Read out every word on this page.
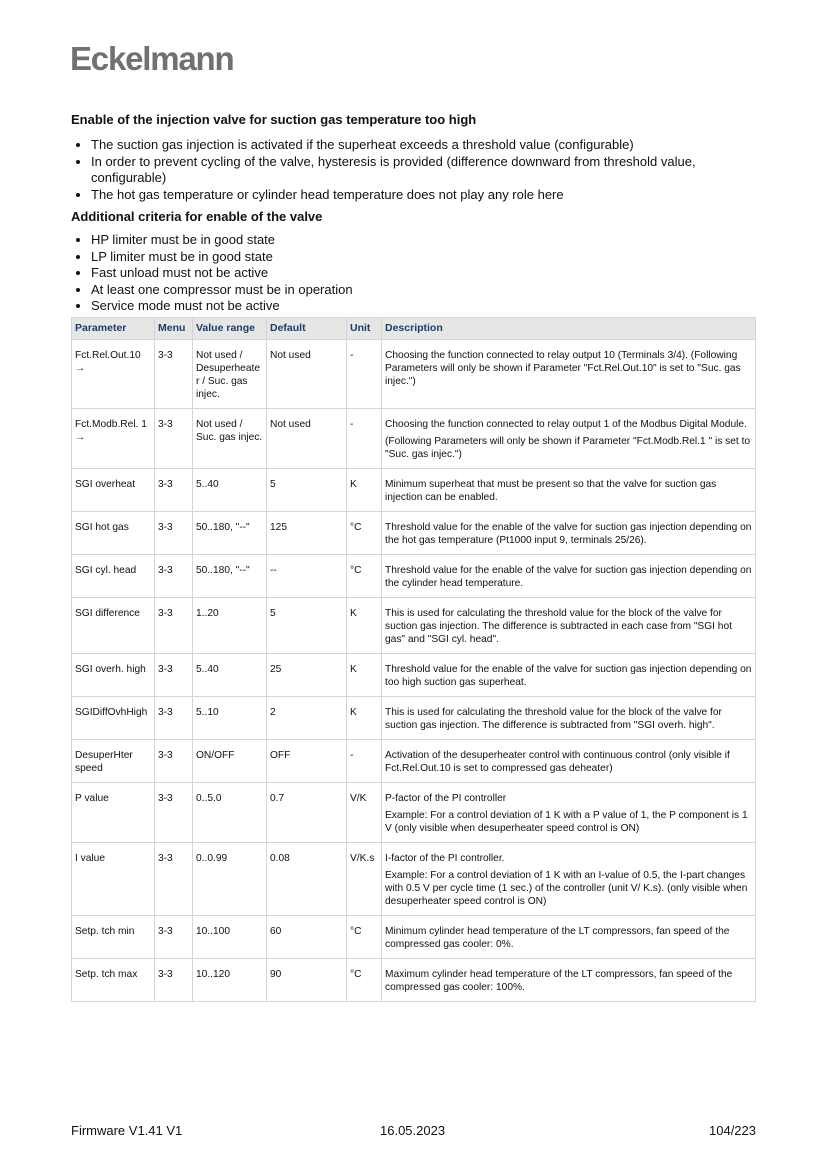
Eckelmann
Enable of the injection valve for suction gas temperature too high
• The suction gas injection is activated if the superheat exceeds a threshold value (configurable)
• In order to prevent cycling of the valve, hysteresis is provided (difference downward from threshold value, configurable)
• The hot gas temperature or cylinder head temperature does not play any role here
Additional criteria for enable of the valve
• HP limiter must be in good state
• LP limiter must be in good state
• Fast unload must not be active
• At least one compressor must be in operation
• Service mode must not be active
Parameter	Menu	Value range	Default	Unit	Description
Fct.Rel.Out.10 →	3-3	Not used / Desuperheater / Suc. gas injec.	Not used	-	Choosing the function connected to relay output 10 (Terminals 3/4). (Following Parameters will only be shown if Parameter "Fct.Rel.Out.10" is set to "Suc. gas injec.")

Fct.Modb.Rel. 1 →	3-3	Not used / Suc. gas injec.	Not used	-	Choosing the function connected to relay output 1 of the Modbus Digital Module.

(Following Parameters will only be shown if Parameter "Fct.Modb.Rel.1 " is set to "Suc. gas injec.")

SGI overheat	3-3	5..40	5	K	Minimum superheat that must be present so that the valve for suction gas injection can be enabled.

SGI hot gas	3-3	50..180, "--"	125	°C	Threshold value for the enable of the valve for suction gas injection depending on the hot gas temperature (Pt1000 input 9, terminals 25/26).

SGI cyl. head	3-3	50..180, "--"	--	°C	Threshold value for the enable of the valve for suction gas injection depending on the cylinder head temperature.

SGI difference	3-3	1..20	5	K	This is used for calculating the threshold value for the block of the valve for suction gas injection. The difference is subtracted in each case from "SGI hot gas" and "SGI cyl. head".

SGI overh. high	3-3	5..40	25	K	Threshold value for the enable of the valve for suction gas injection depending on too high suction gas superheat.

SGIDiffOvhHigh	3-3	5..10	2	K	This is used for calculating the threshold value for the block of the valve for suction gas injection. The difference is subtracted from "SGI overh. high".

DesuperHter speed	3-3	ON/OFF	OFF	-	Activation of the desuperheater control with continuous control (only visible if Fct.Rel.Out.10 is set to compressed gas deheater)

P value	3-3	0..5.0	0.7	V/K	P-factor of the PI controller

Example: For a control deviation of 1 K with a P value of 1, the P component is 1 V (only visible when desuperheater speed control is ON)

I value	3-3	0..0.99	0.08	V/K.s	I-factor of the PI controller.

Example: For a control deviation of 1 K with an I-value of 0.5, the I-part changes with 0.5 V per cycle time (1 sec.) of the controller (unit V/ K.s). (only visible when desuperheater speed control is ON)

Setp. tch min	3-3	10..100	60	°C	Minimum cylinder head temperature of the LT compressors, fan speed of the compressed gas cooler: 0%.

Setp. tch max	3-3	10..120	90	°C	Maximum cylinder head temperature of the LT compressors, fan speed of the compressed gas cooler: 100%.

Firmware V1.41 V1	16.05.2023	104/223
